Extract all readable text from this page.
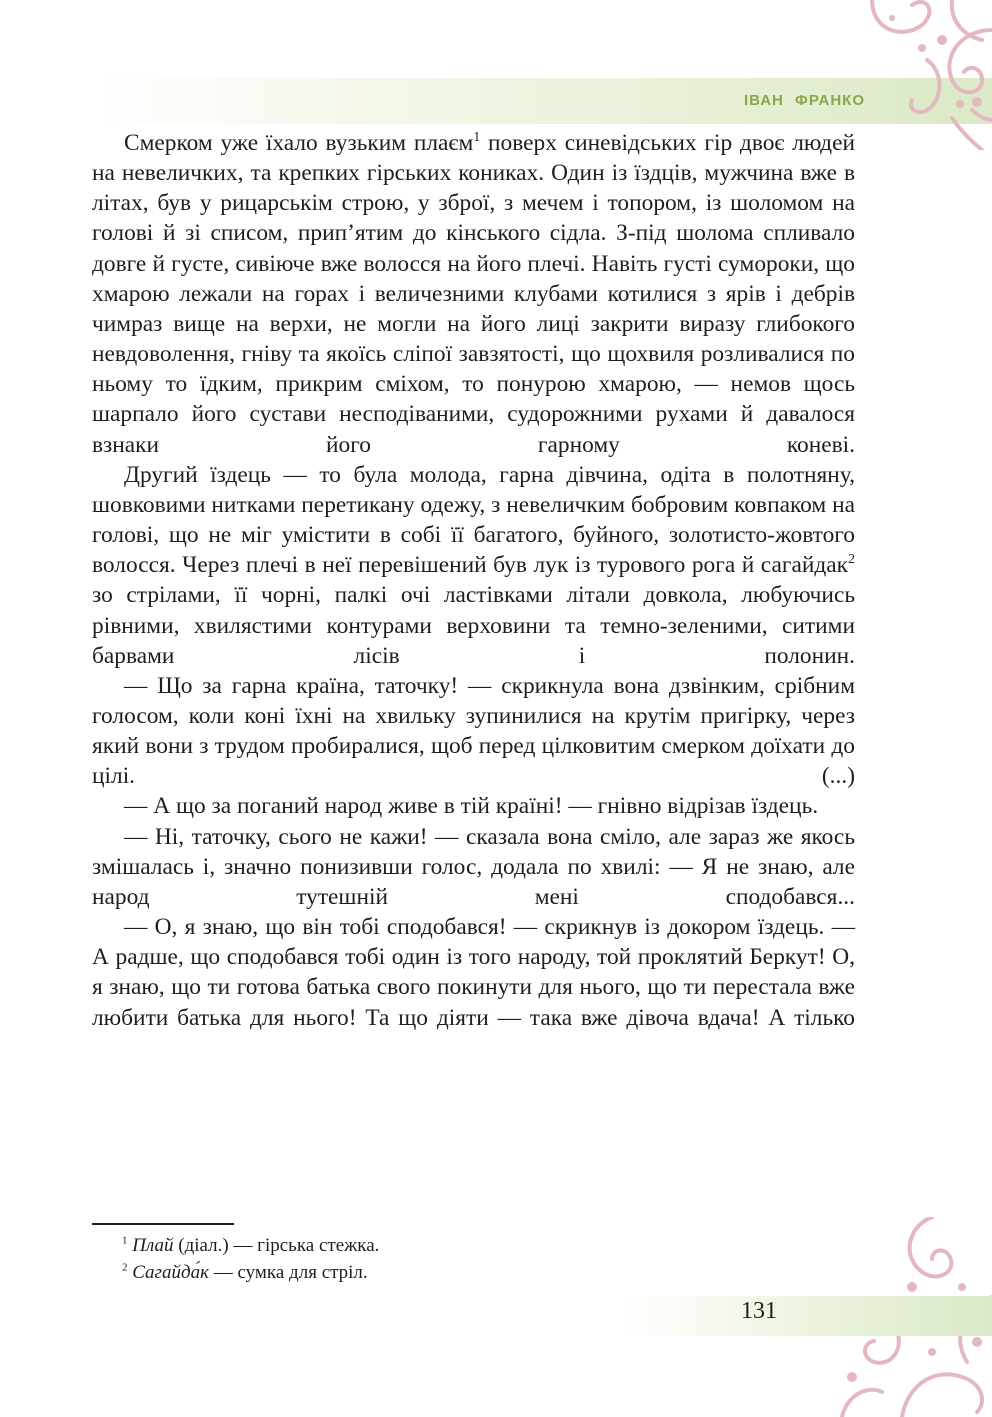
ІВАН ФРАНКО

Смерком уже їхало вузьким плаєм$^1$ поверх синевідських гір двоє людей на невеличких, та крепких гірських кониках. Один із їздців, мужчина вже в літах, був у рицарськім строю, у зброї, з мечем і топором, із шоломом на голові й зі списом, прип’ятим до кінського сідла. З-під шолома спливало довге й густе, сивіюче вже волосся на його плечі. Навіть густі сумороки, що хмарою лежали на горах і величезними клубами котилися з ярів і дебрів чимраз вище на верхи, не могли на його лиці закрити виразу глибокого невдоволення, гніву та якоїсь сліпої завзятості, що щохвиля розливалися по ньому то їдким, прикрим сміхом, то понурою хмарою, — немов щось шарпало його сустави несподіваними, судорожними рухами й давалося взнаки його гарному коневі.

Другий їздець — то була молода, гарна дівчина, одіта в полотняну, шовковими нитками перетикану одежу, з невеличким бобровим ковпаком на голові, що не міг умістити в собі її багатого, буйного, золотисто-жовтого волосся. Через плечі в неї перевішений був лук із турового рога й сагайдак$^2$ зо стрілами, її чорні, палкі очі ластівками літали довкола, любуючись рівними, хвилястими контурами верховини та темно-зеленими, ситими барвами лісів і полонин.

— Що за гарна країна, таточку! — скрикнула вона дзвінким, срібним голосом, коли коні їхні на хвильку зупинилися на крутім пригірку, через який вони з трудом пробиралися, щоб перед цілковитим смерком доїхати до цілі. (...)

— А що за поганий народ живе в тій країні! — гнівно відрізав їздець.

— Ні, таточку, сього не кажи! — сказала вона сміло, але зараз же якось змішалась і, значно понизивши голос, додала по хвилі: — Я не знаю, але народ тутешній мені сподобався...

— О, я знаю, що він тобі сподобався! — скрикнув із докором їздець. — А радше, що сподобався тобі один із того народу, той проклятий Беркут! О, я знаю, що ти готова батька свого покинути для нього, що ти перестала вже любити батька для нього! Та що діяти — така вже дівоча вдача! А тілько

$^1$ Плай (діал.) — гірська стежка.
$^2$ Сагайда́к — сумка для стріл.
131
